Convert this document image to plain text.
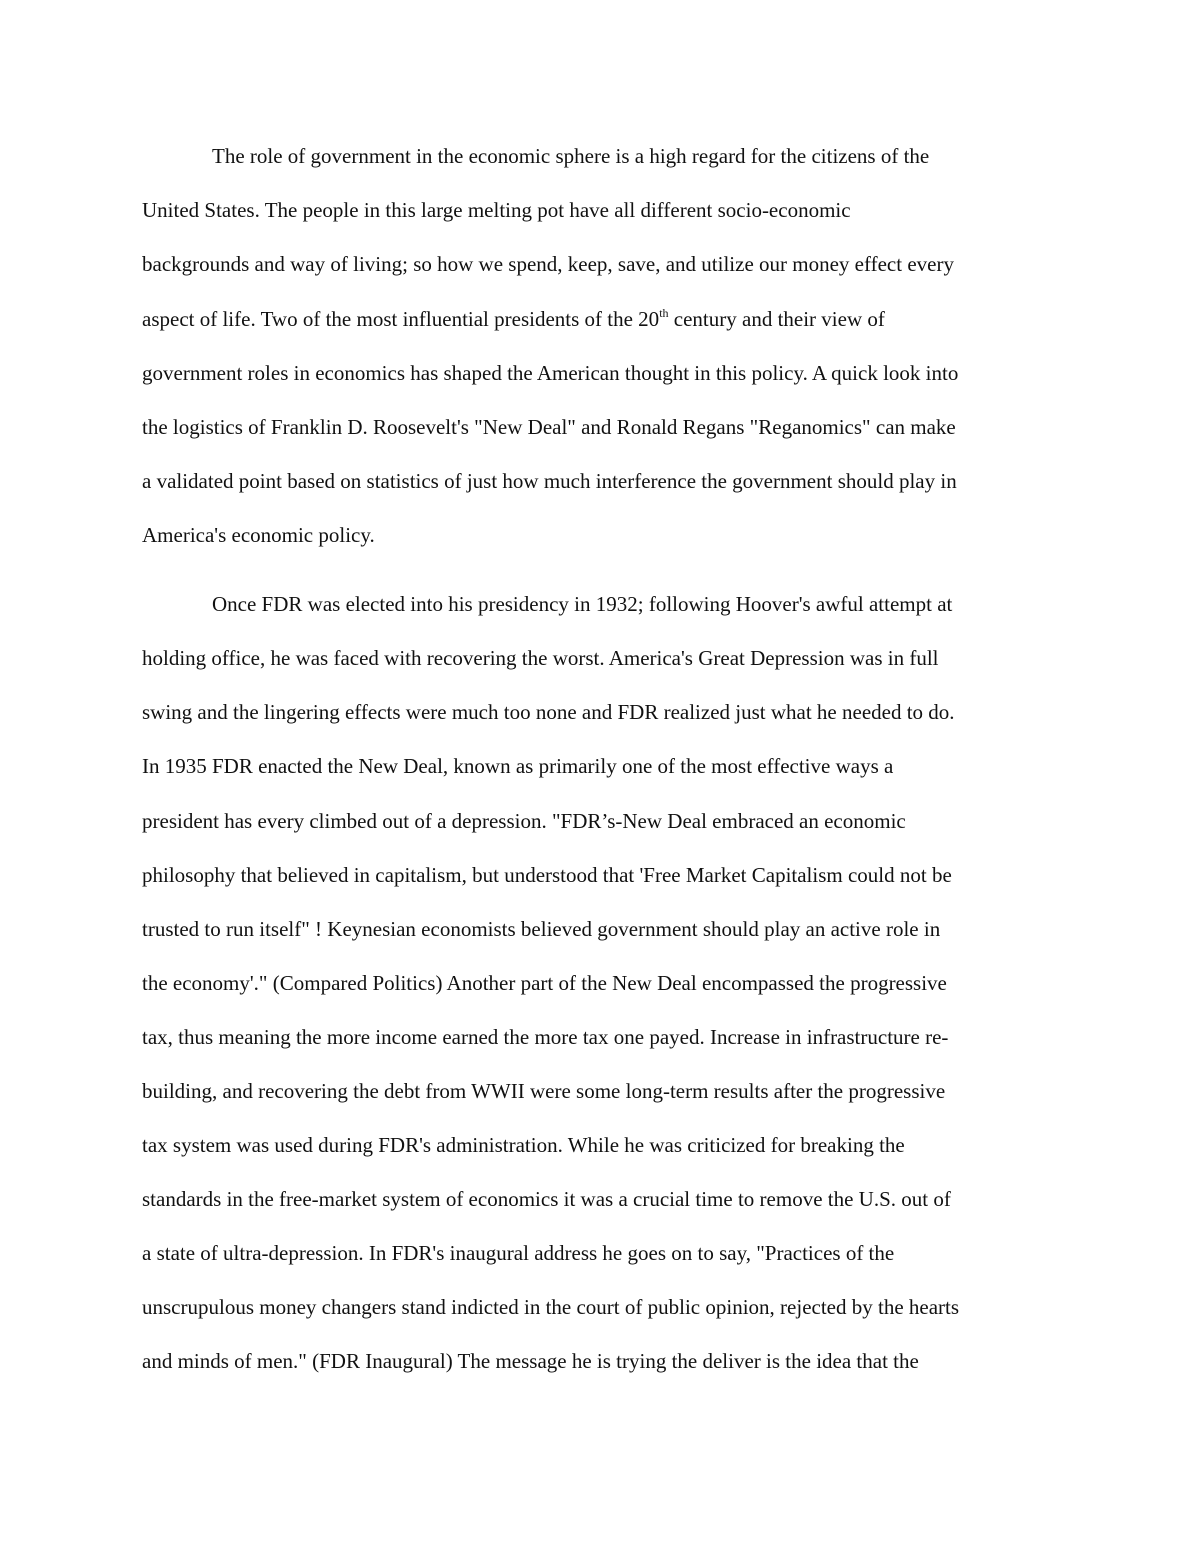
The role of government in the economic sphere is a high regard for the citizens of the
United States. The people in this large melting pot have all different socio-economic
backgrounds and way of living; so how we spend, keep, save, and utilize our money effect every
aspect of life. Two of the most influential presidents of the 20th century and their view of
government roles in economics has shaped the American thought in this policy. A quick look into
the logistics of Franklin D. Roosevelt's "New Deal" and Ronald Regans "Reganomics" can make
a validated point based on statistics of just how much interference the government should play in
America's economic policy.
Once FDR was elected into his presidency in 1932; following Hoover's awful attempt at
holding office, he was faced with recovering the worst. America's Great Depression was in full
swing and the lingering effects were much too none and FDR realized just what he needed to do.
In 1935 FDR enacted the New Deal, known as primarily one of the most effective ways a
president has every climbed out of a depression. "FDR’s-New Deal embraced an economic
philosophy that believed in capitalism, but understood that 'Free Market Capitalism could not be
trusted to run itself" ! Keynesian economists believed government should play an active role in
the economy'." (Compared Politics) Another part of the New Deal encompassed the progressive
tax, thus meaning the more income earned the more tax one payed. Increase in infrastructure re-
building, and recovering the debt from WWII were some long-term results after the progressive
tax system was used during FDR's administration. While he was criticized for breaking the
standards in the free-market system of economics it was a crucial time to remove the U.S. out of
a state of ultra-depression. In FDR's inaugural address he goes on to say, "Practices of the
unscrupulous money changers stand indicted in the court of public opinion, rejected by the hearts
and minds of men." (FDR Inaugural) The message he is trying the deliver is the idea that the
